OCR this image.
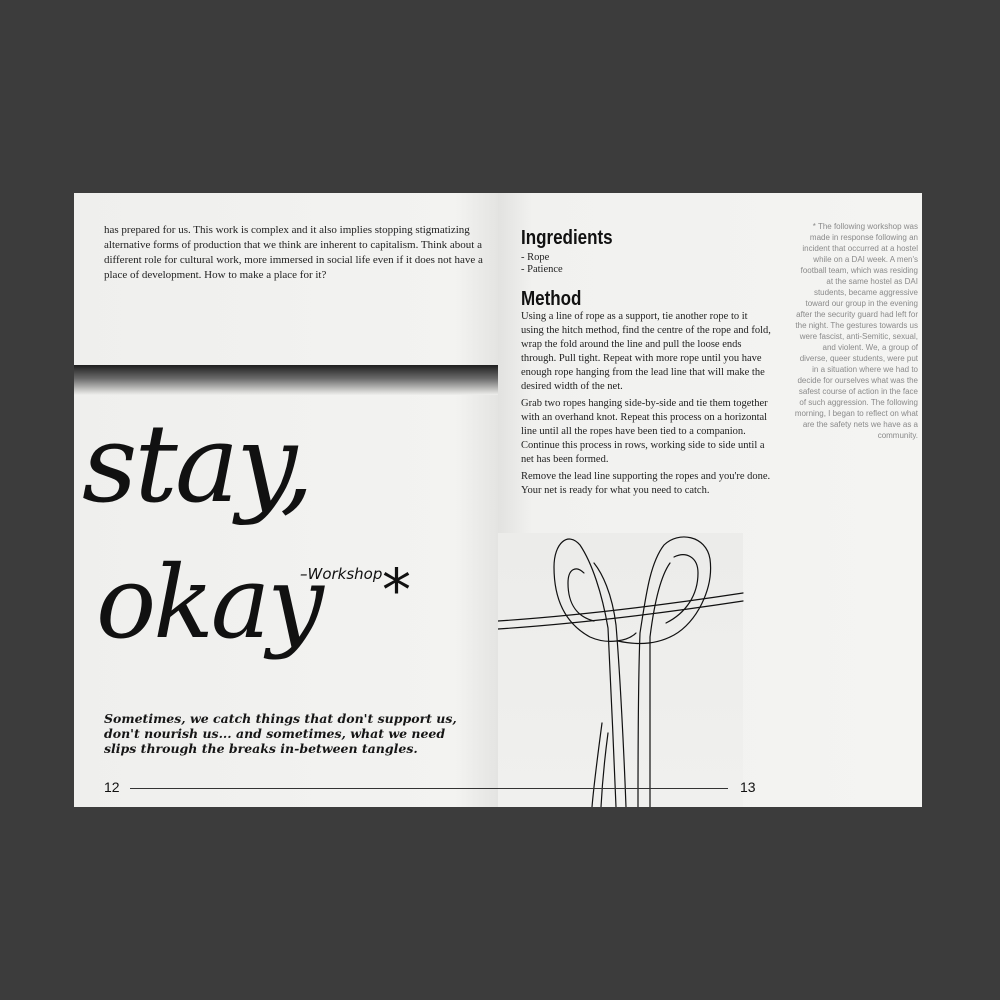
has prepared for us. This work is complex and it also implies stopping stigmatizing alternative forms of production that we think are inherent to capitalism. Think about a different role for cultural work, more immersed in social life even if it does not have a place of development. How to make a place for it?
stay,
–Workshop
okay *
Sometimes, we catch things that don't support us, don't nourish us... and sometimes, what we need slips through the breaks in-between tangles.
12
Ingredients
- Rope
- Patience
Method
Using a line of rope as a support, tie another rope to it using the hitch method, find the centre of the rope and fold, wrap the fold around the line and pull the loose ends through. Pull tight. Repeat with more rope until you have enough rope hanging from the lead line that will make the desired width of the net.
Grab two ropes hanging side-by-side and tie them together with an overhand knot. Repeat this process on a horizontal line until all the ropes have been tied to a companion. Continue this process in rows, working side to side until a net has been formed.
Remove the lead line supporting the ropes and you're done. Your net is ready for what you need to catch.
* The following workshop was made in response following an incident that occurred at a hostel while on a DAI week. A men's football team, which was residing at the same hostel as DAI students, became aggressive toward our group in the evening after the security guard had left for the night. The gestures towards us were fascist, anti-Semitic, sexual, and violent. We, a group of diverse, queer students, were put in a situation where we had to decide for ourselves what was the safest course of action in the face of such aggression. The following morning, I began to reflect on what are the safety nets we have as a community.
13
